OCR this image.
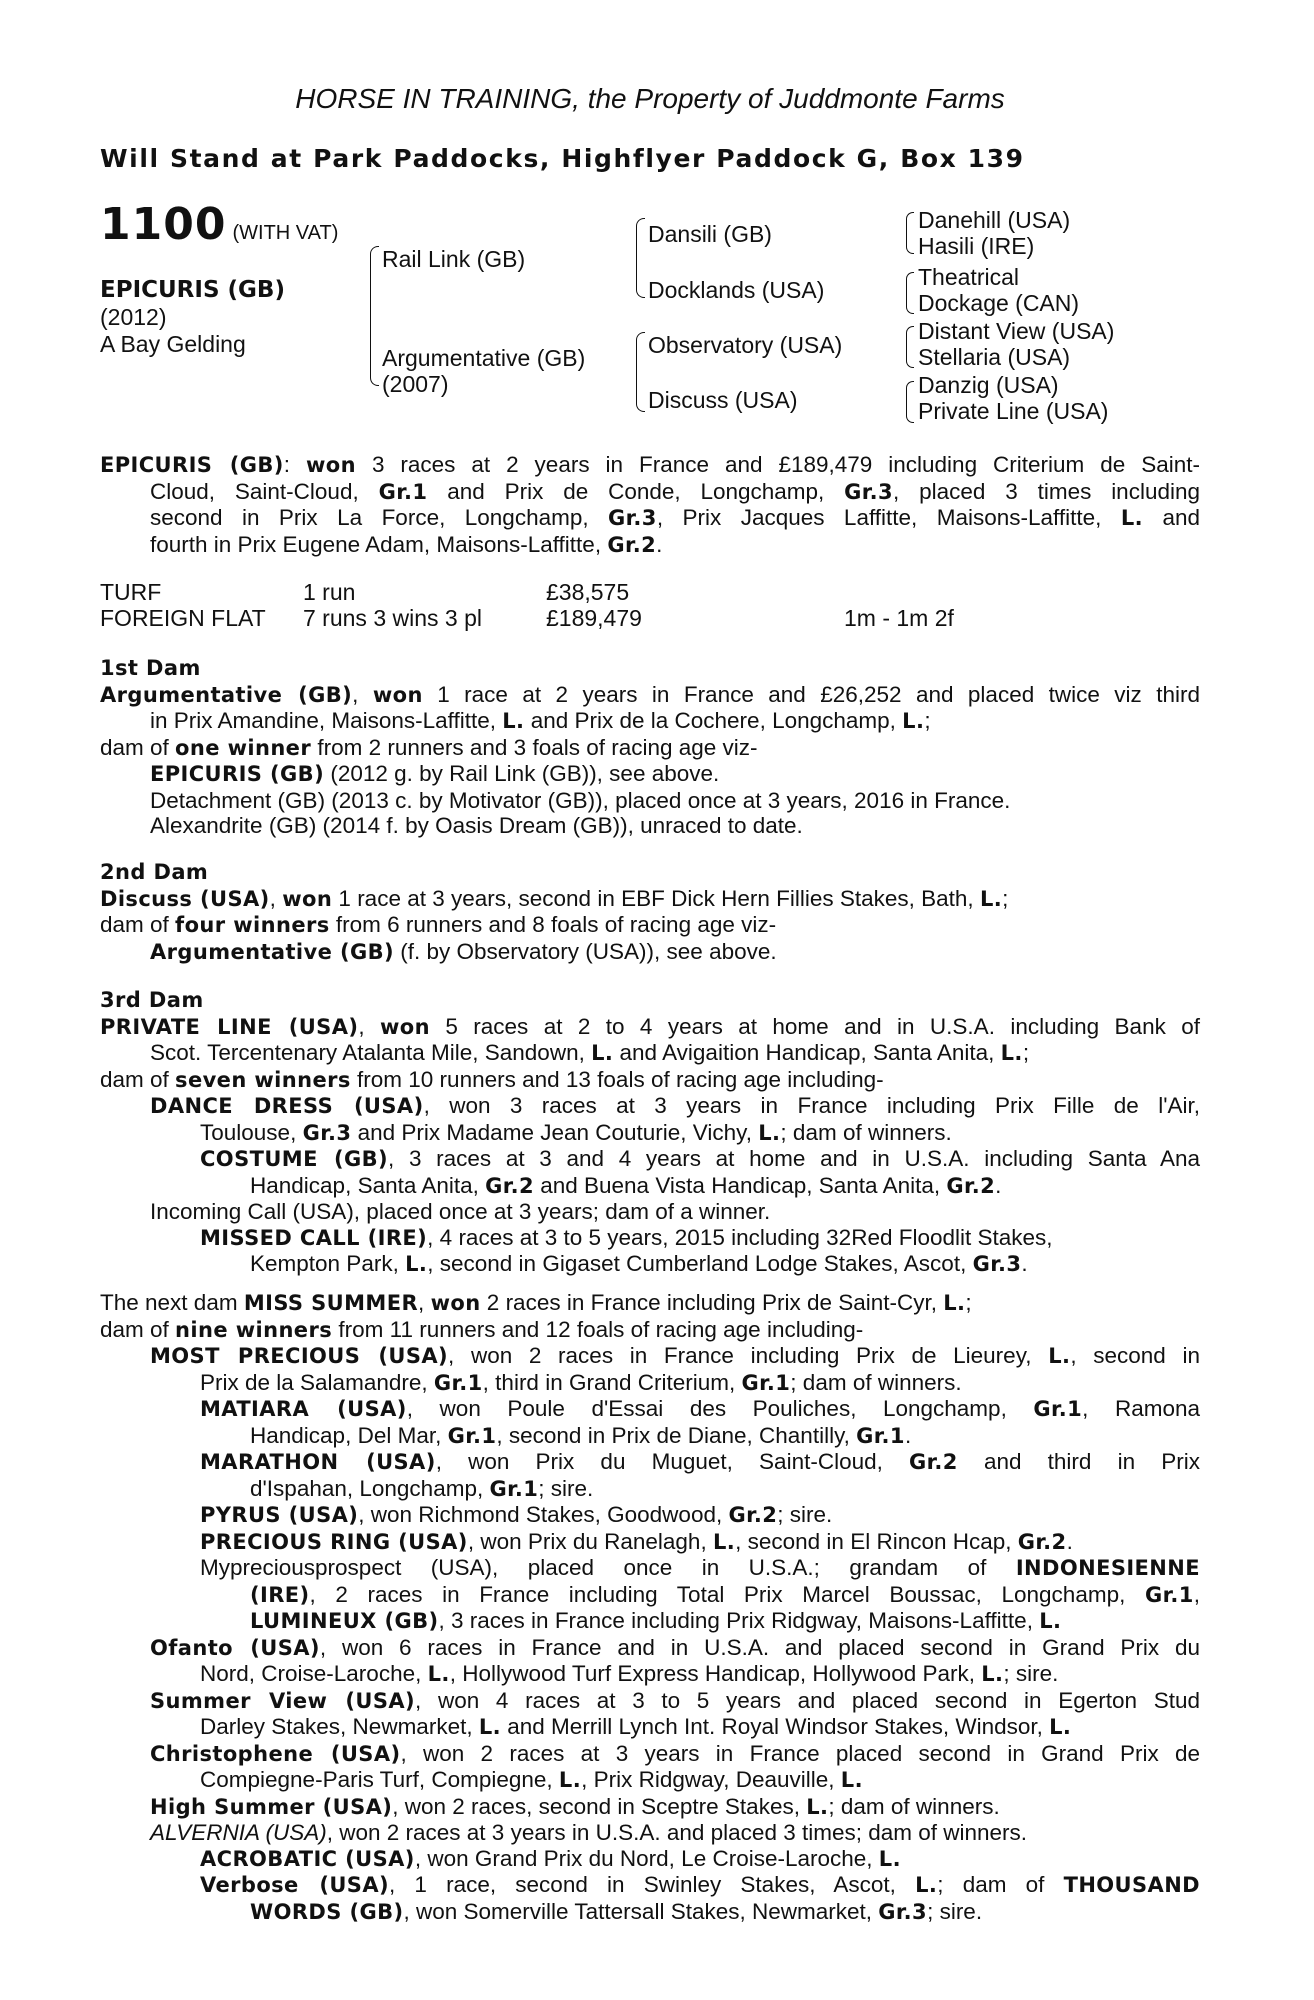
HORSE IN TRAINING, the Property of Juddmonte Farms
Will Stand at Park Paddocks, Highflyer Paddock G, Box 139
1100 (WITH VAT)
EPICURIS (GB)
(2012)
A Bay Gelding
Rail Link (GB)
Argumentative (GB)
(2007)
Dansili (GB)
Docklands (USA)
Observatory (USA)
Discuss (USA)
Danehill (USA)
Hasili (IRE)
Theatrical
Dockage (CAN)
Distant View (USA)
Stellaria (USA)
Danzig (USA)
Private Line (USA)
EPICURIS (GB): won 3 races at 2 years in France and £189,479 including Criterium de Saint-
Cloud, Saint-Cloud, Gr.1 and Prix de Conde, Longchamp, Gr.3, placed 3 times including
second in Prix La Force, Longchamp, Gr.3, Prix Jacques Laffitte, Maisons-Laffitte, L. and
fourth in Prix Eugene Adam, Maisons-Laffitte, Gr.2.
TURF	1 run	£38,575
FOREIGN FLAT 7 runs 3 wins 3 pl	£189,479	1m - 1m 2f
1st Dam
Argumentative (GB), won 1 race at 2 years in France and £26,252 and placed twice viz third
in Prix Amandine, Maisons-Laffitte, L. and Prix de la Cochere, Longchamp, L.;
dam of one winner from 2 runners and 3 foals of racing age viz-
EPICURIS (GB) (2012 g. by Rail Link (GB)), see above.
Detachment (GB) (2013 c. by Motivator (GB)), placed once at 3 years, 2016 in France.
Alexandrite (GB) (2014 f. by Oasis Dream (GB)), unraced to date.
2nd Dam
Discuss (USA), won 1 race at 3 years, second in EBF Dick Hern Fillies Stakes, Bath, L.;
dam of four winners from 6 runners and 8 foals of racing age viz-
Argumentative (GB) (f. by Observatory (USA)), see above.
3rd Dam
PRIVATE LINE (USA), won 5 races at 2 to 4 years at home and in U.S.A. including Bank of
Scot. Tercentenary Atalanta Mile, Sandown, L. and Avigaition Handicap, Santa Anita, L.;
dam of seven winners from 10 runners and 13 foals of racing age including-
DANCE DRESS (USA), won 3 races at 3 years in France including Prix Fille de l'Air,
Toulouse, Gr.3 and Prix Madame Jean Couturie, Vichy, L.; dam of winners.
COSTUME (GB), 3 races at 3 and 4 years at home and in U.S.A. including Santa Ana
Handicap, Santa Anita, Gr.2 and Buena Vista Handicap, Santa Anita, Gr.2.
Incoming Call (USA), placed once at 3 years; dam of a winner.
MISSED CALL (IRE), 4 races at 3 to 5 years, 2015 including 32Red Floodlit Stakes,
Kempton Park, L., second in Gigaset Cumberland Lodge Stakes, Ascot, Gr.3.
The next dam MISS SUMMER, won 2 races in France including Prix de Saint-Cyr, L.;
dam of nine winners from 11 runners and 12 foals of racing age including-
MOST PRECIOUS (USA), won 2 races in France including Prix de Lieurey, L., second in
Prix de la Salamandre, Gr.1, third in Grand Criterium, Gr.1; dam of winners.
MATIARA (USA), won Poule d'Essai des Pouliches, Longchamp, Gr.1, Ramona
Handicap, Del Mar, Gr.1, second in Prix de Diane, Chantilly, Gr.1.
MARATHON (USA), won Prix du Muguet, Saint-Cloud, Gr.2 and third in Prix
d'Ispahan, Longchamp, Gr.1; sire.
PYRUS (USA), won Richmond Stakes, Goodwood, Gr.2; sire.
PRECIOUS RING (USA), won Prix du Ranelagh, L., second in El Rincon Hcap, Gr.2.
Mypreciousprospect (USA), placed once in U.S.A.; grandam of INDONESIENNE
(IRE), 2 races in France including Total Prix Marcel Boussac, Longchamp, Gr.1,
LUMINEUX (GB), 3 races in France including Prix Ridgway, Maisons-Laffitte, L.
Ofanto (USA), won 6 races in France and in U.S.A. and placed second in Grand Prix du
Nord, Croise-Laroche, L., Hollywood Turf Express Handicap, Hollywood Park, L.; sire.
Summer View (USA), won 4 races at 3 to 5 years and placed second in Egerton Stud
Darley Stakes, Newmarket, L. and Merrill Lynch Int. Royal Windsor Stakes, Windsor, L.
Christophene (USA), won 2 races at 3 years in France placed second in Grand Prix de
Compiegne-Paris Turf, Compiegne, L., Prix Ridgway, Deauville, L.
High Summer (USA), won 2 races, second in Sceptre Stakes, L.; dam of winners.
ALVERNIA (USA), won 2 races at 3 years in U.S.A. and placed 3 times; dam of winners.
ACROBATIC (USA), won Grand Prix du Nord, Le Croise-Laroche, L.
Verbose (USA), 1 race, second in Swinley Stakes, Ascot, L.; dam of THOUSAND
WORDS (GB), won Somerville Tattersall Stakes, Newmarket, Gr.3; sire.
